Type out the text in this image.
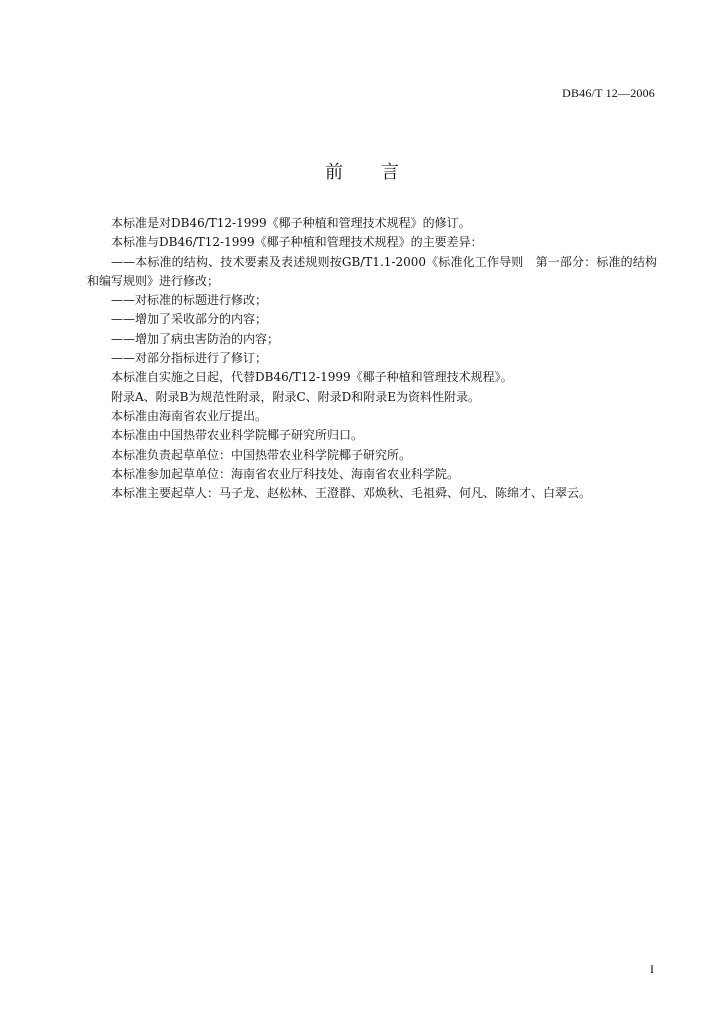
DB46/T 12—2006
前言

本标准是对DB46/T12-1999《椰子种植和管理技术规程》的修订。

本标准与DB46/T12-1999《椰子种植和管理技术规程》的主要差异：

——本标准的结构、技术要素及表述规则按GB/T1.1-2000《标准化工作导则　第一部分：标准的结构和编写规则》进行修改；

——对标准的标题进行修改；

——增加了采收部分的内容；

——增加了病虫害防治的内容；

——对部分指标进行了修订；

本标准自实施之日起，代替DB46/T12-1999《椰子种植和管理技术规程》。

附录A、附录B为规范性附录，附录C、附录D和附录E为资料性附录。

本标准由海南省农业厅提出。

本标准由中国热带农业科学院椰子研究所归口。

本标准负责起草单位：中国热带农业科学院椰子研究所。

本标准参加起草单位：海南省农业厅科技处、海南省农业科学院。

本标准主要起草人：马子龙、赵松林、王澄群、邓焕秋、毛祖舜、何凡、陈绵才、白翠云。

I
